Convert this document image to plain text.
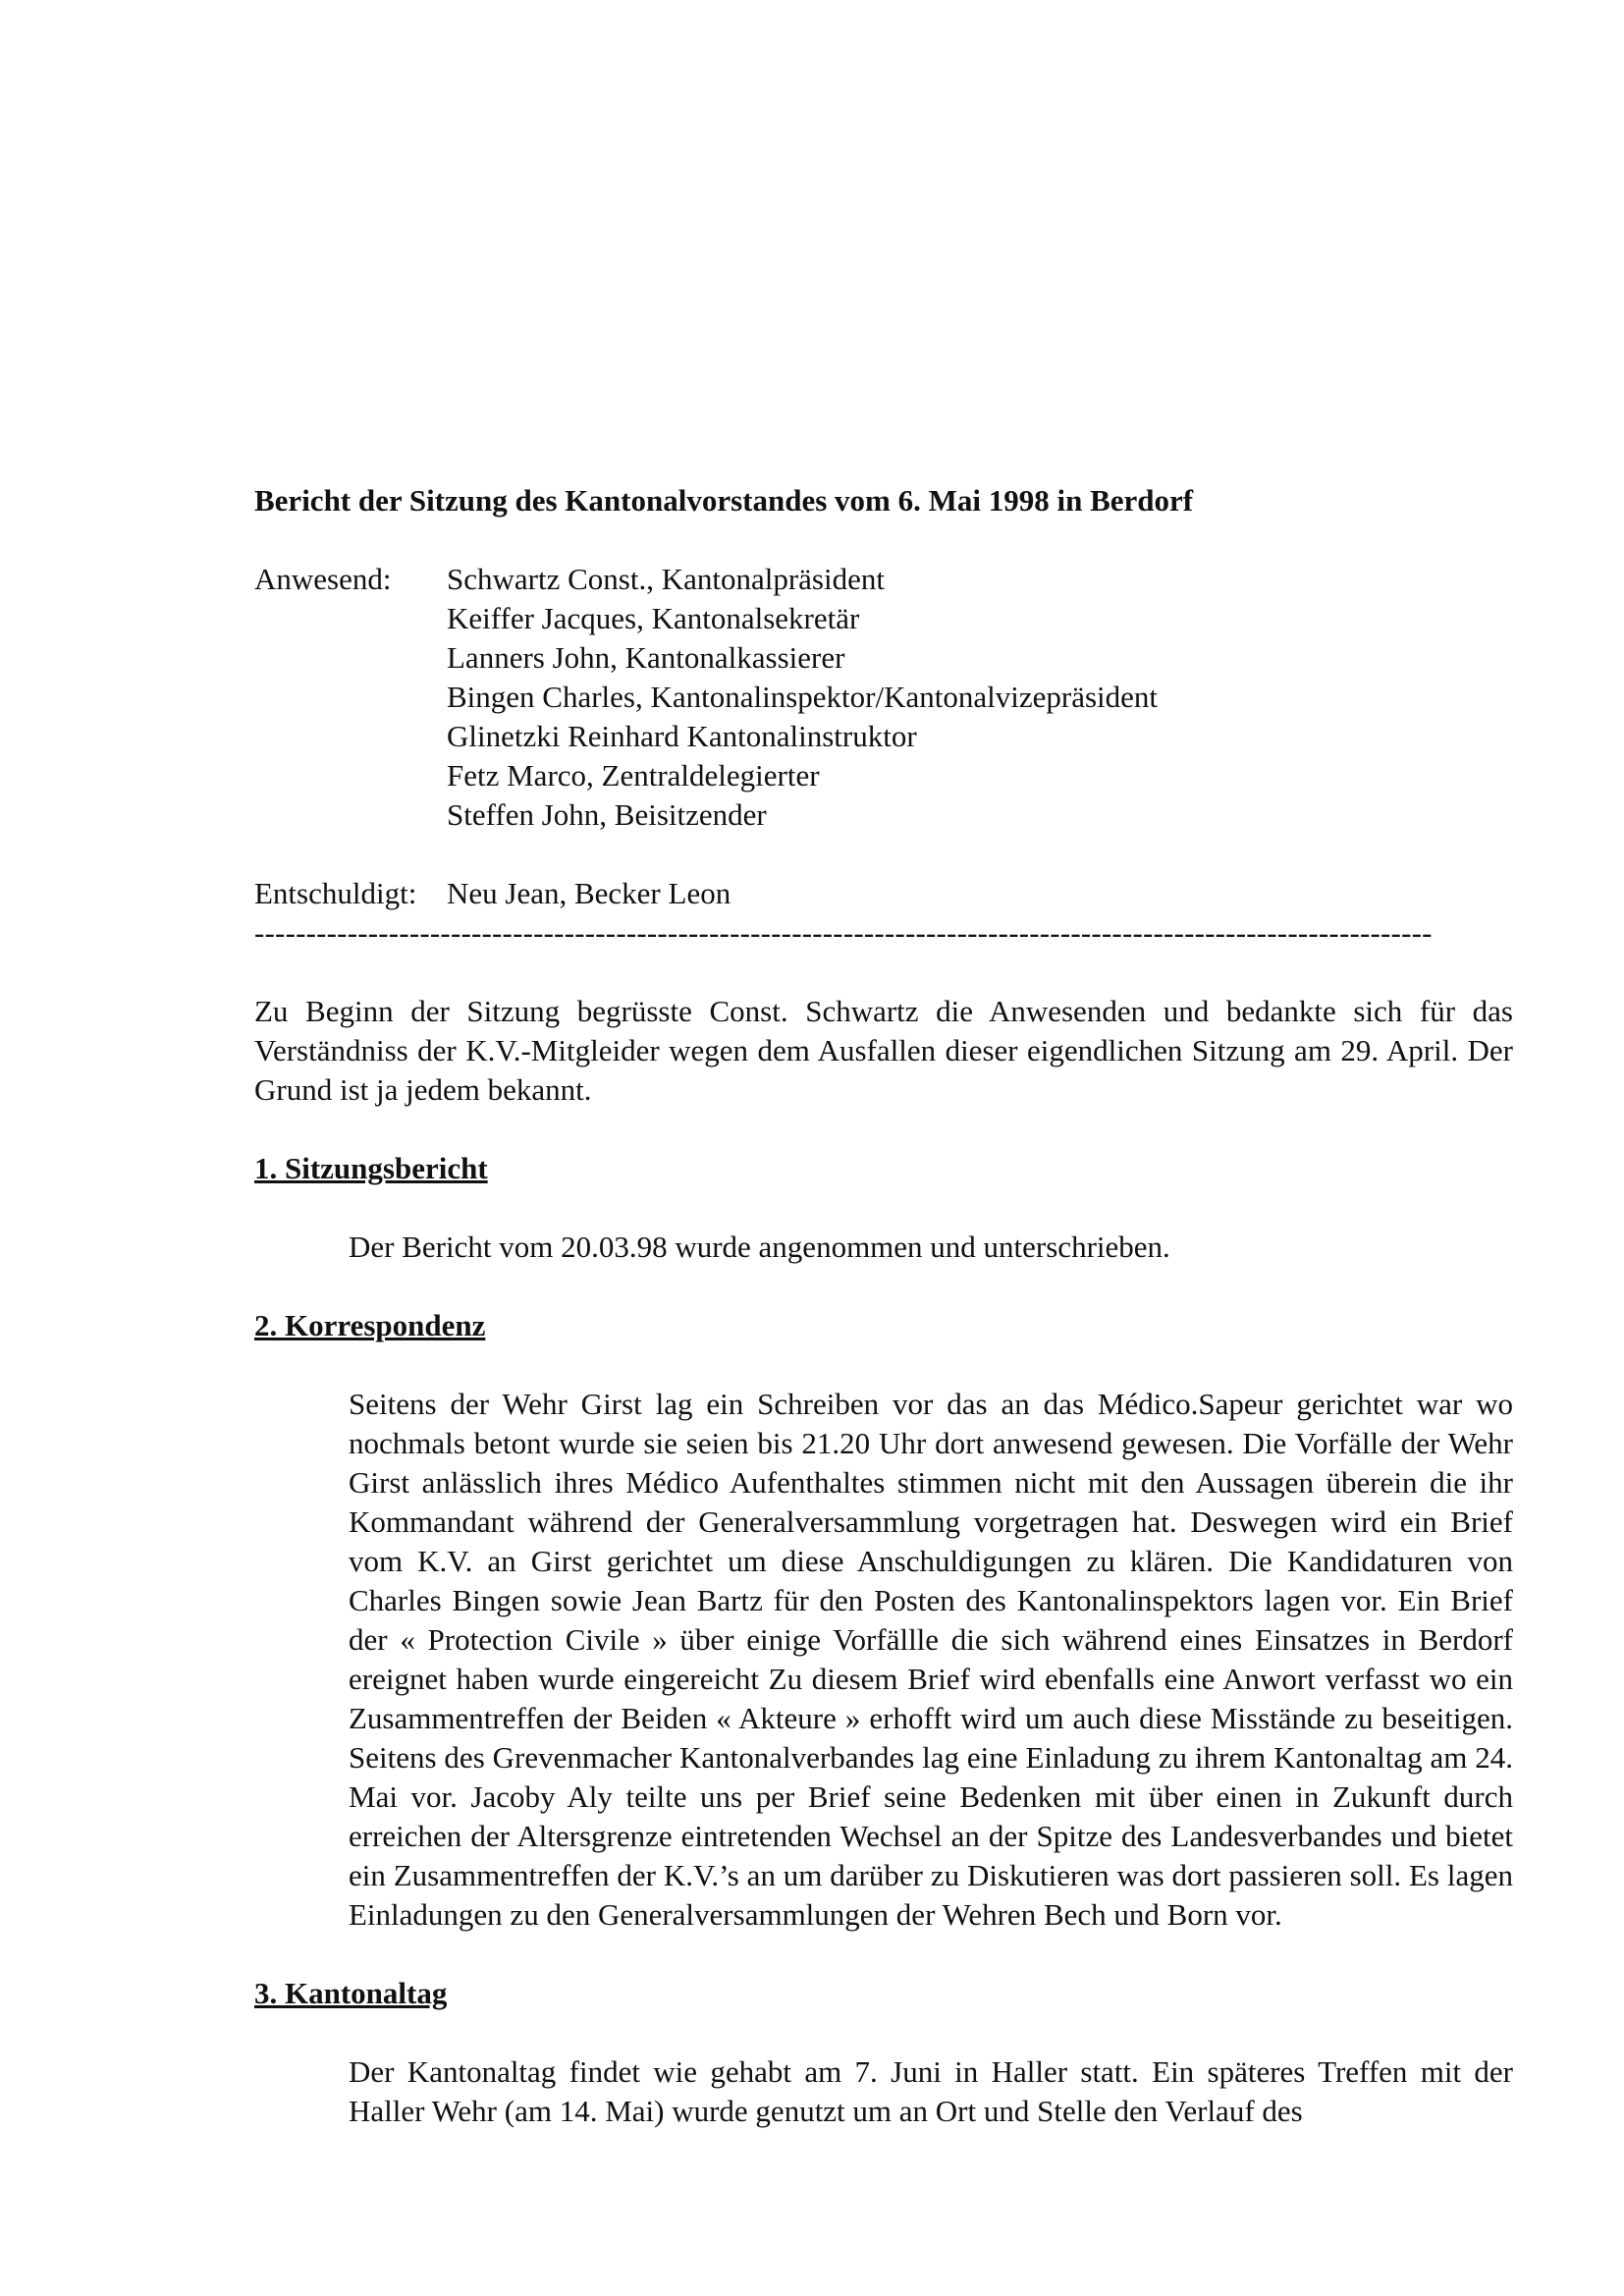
Bericht der Sitzung des Kantonalvorstandes vom 6. Mai 1998 in Berdorf
Anwesend:	Schwartz Const., Kantonalpräsident
Keiffer Jacques, Kantonalsekretär
Lanners John, Kantonalkassierer
Bingen Charles, Kantonalinspektor/Kantonalvizepräsident
Glinetzki Reinhard Kantonalinstruktor
Fetz Marco, Zentraldelegierter
Steffen John, Beisitzender
Entschuldigt: Neu Jean, Becker Leon
------------------------------------------------------------------------------------------------------------------
Zu Beginn der Sitzung begrüsste Const. Schwartz die Anwesenden und bedankte sich für das Verständniss der K.V.-Mitgleider wegen dem Ausfallen dieser eigendlichen Sitzung am 29. April. Der Grund ist ja jedem bekannt.
1. Sitzungsbericht
Der Bericht vom 20.03.98 wurde angenommen und unterschrieben.
2. Korrespondenz
Seitens der Wehr Girst lag ein Schreiben vor das an das Médico.Sapeur gerichtet war wo nochmals betont wurde sie seien bis 21.20 Uhr dort anwesend gewesen. Die Vorfälle der Wehr Girst anlässlich ihres Médico Aufenthaltes stimmen nicht mit den Aussagen überein die ihr Kommandant während der Generalversammlung vorgetragen hat. Deswegen wird ein Brief vom K.V. an Girst gerichtet um diese Anschuldigungen zu klären. Die Kandidaturen von Charles Bingen sowie Jean Bartz für den Posten des Kantonalinspektors lagen vor. Ein Brief der « Protection Civile » über einige Vorfällle die sich während eines Einsatzes in Berdorf ereignet haben wurde eingereicht Zu diesem Brief wird ebenfalls eine Anwort verfasst wo ein Zusammentreffen der Beiden « Akteure » erhofft wird um auch diese Misstände zu beseitigen. Seitens des Grevenmacher Kantonalverbandes lag eine Einladung zu ihrem Kantonaltag am 24. Mai vor. Jacoby Aly teilte uns per Brief seine Bedenken mit über einen in Zukunft durch erreichen der Altersgrenze eintretenden Wechsel an der Spitze des Landesverbandes und bietet ein Zusammentreffen der K.V.’s an um darüber zu Diskutieren was dort passieren soll. Es lagen Einladungen zu den Generalversammlungen der Wehren Bech und Born vor.
3. Kantonaltag
Der Kantonaltag findet wie gehabt am 7. Juni in Haller statt. Ein späteres Treffen mit der Haller Wehr (am 14. Mai) wurde genutzt um an Ort und Stelle den Verlauf des
